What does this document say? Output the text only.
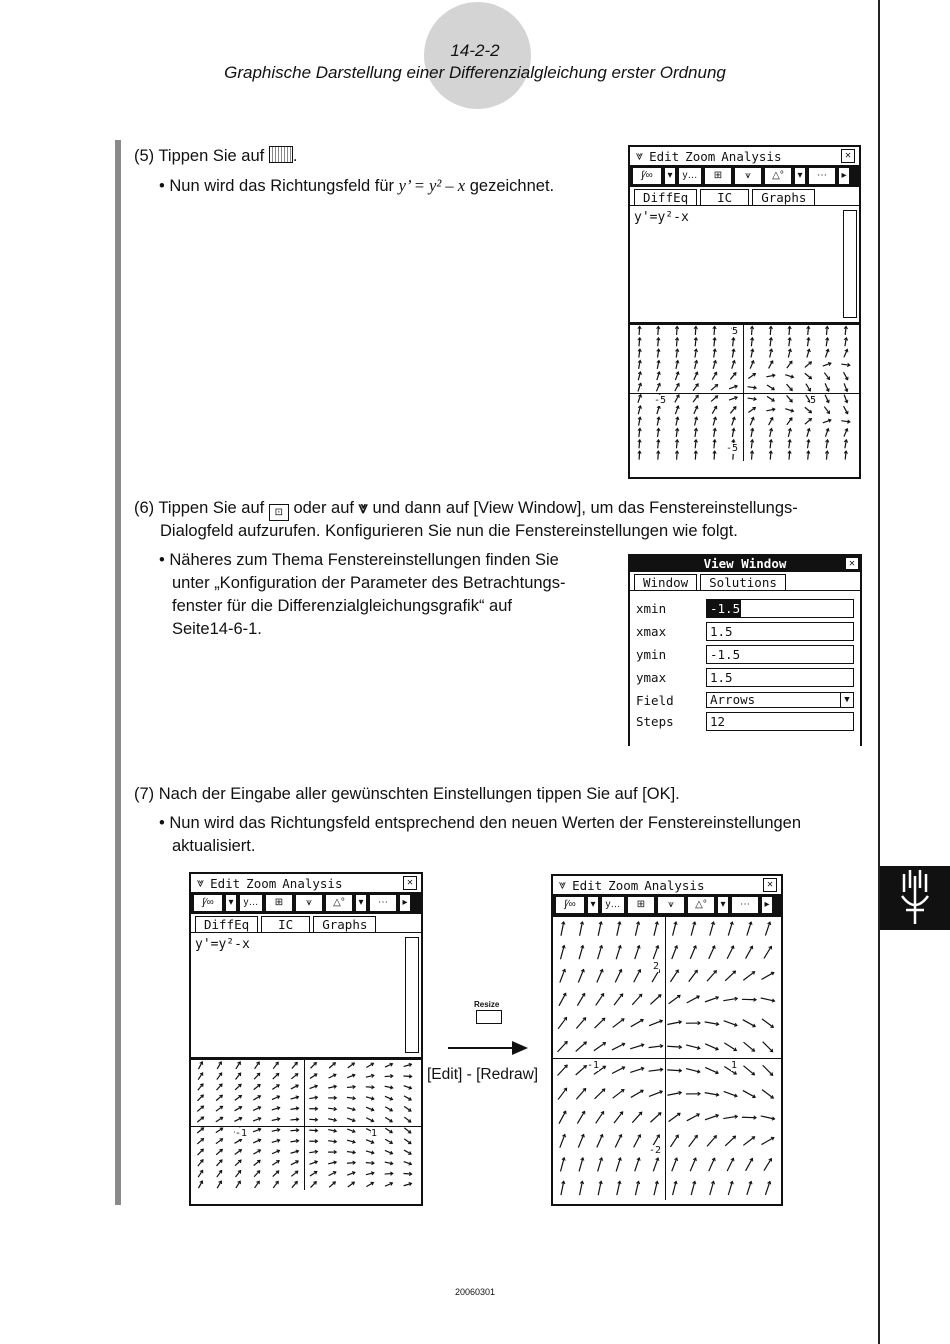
14-2-2
Graphische Darstellung einer Differenzialgleichung erster Ordnung
(5) Tippen Sie auf .
• Nun wird das Richtungsfeld für y’ = y² – x gezeichnet.
⩔ Edit Zoom Analysis	✕
∫⁄∞	▾ y…	⊞	⩛	△°	▾	⋯	▸
DiffEq	IC	Graphs
y'=y²-x
5
-5	5
-5
(6) Tippen Sie auf ⊡ oder auf ⩔ und dann auf [View Window], um das Fenstereinstellungs-
Dialogfeld aufzurufen. Konfigurieren Sie nun die Fenstereinstellungen wie folgt.
• Näheres zum Thema Fenstereinstellungen finden Sie
unter „Konfiguration der Parameter des Betrachtungs-
fenster für die Differenzialgleichungsgrafik“ auf
Seite14-6-1.
View Window	✕
Window	Solutions
xmin	-1.5
xmax	1.5
ymin	-1.5
ymax	1.5
Field	Arrows	▼
Steps	12
(7) Nach der Eingabe aller gewünschten Einstellungen tippen Sie auf [OK].
• Nun wird das Richtungsfeld entsprechend den neuen Werten der Fenstereinstellungen
aktualisiert.
⩔ Edit Zoom Analysis	✕
∫⁄∞	▾ y…	⊞	⩛	△°	▾	⋯	▸
DiffEq	IC	Graphs
y'=y²-x
-1	1
Resize
[Edit] - [Redraw]
⩔ Edit Zoom Analysis	✕
∫⁄∞	▾ y…	⊞	⩛	△°	▾	⋯	▸
2
-1	1
-2
20060301
